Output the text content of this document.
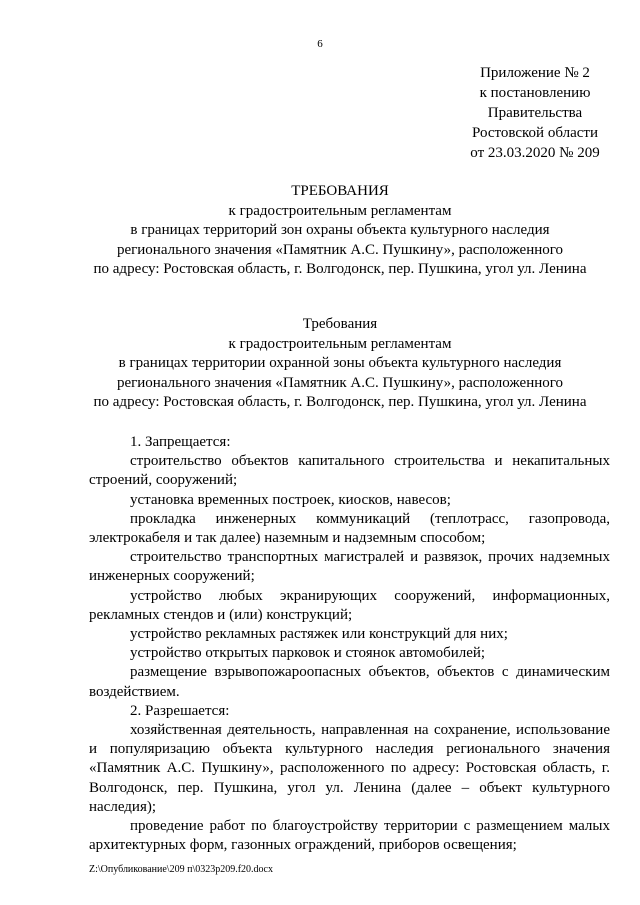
6
Приложение № 2
к постановлению
Правительства
Ростовской области
от 23.03.2020 № 209
ТРЕБОВАНИЯ
к градостроительным регламентам
в границах территорий зон охраны объекта культурного наследия
регионального значения «Памятник А.С. Пушкину», расположенного
по адресу: Ростовская область, г. Волгодонск, пер. Пушкина, угол ул. Ленина
Требования
к градостроительным регламентам
в границах территории охранной зоны объекта культурного наследия
регионального значения «Памятник А.С. Пушкину», расположенного
по адресу: Ростовская область, г. Волгодонск, пер. Пушкина, угол ул. Ленина

1. Запрещается:

строительство объектов капитального строительства и некапитальных строений, сооружений;

установка временных построек, киосков, навесов;

прокладка инженерных коммуникаций (теплотрасс, газопровода, электрокабеля и так далее) наземным и надземным способом;

строительство транспортных магистралей и развязок, прочих надземных инженерных сооружений;

устройство любых экранирующих сооружений, информационных, рекламных стендов и (или) конструкций;

устройство рекламных растяжек или конструкций для них;

устройство открытых парковок и стоянок автомобилей;

размещение взрывопожароопасных объектов, объектов с динамическим воздействием.

2. Разрешается:

хозяйственная деятельность, направленная на сохранение, использование и популяризацию объекта культурного наследия регионального значения «Памятник А.С. Пушкину», расположенного по адресу: Ростовская область, г. Волгодонск, пер. Пушкина, угол ул. Ленина (далее – объект культурного наследия);

проведение работ по благоустройству территории с размещением малых архитектурных форм, газонных ограждений, приборов освещения;

Z:\Опубликование\209 п\0323р209.f20.docx
